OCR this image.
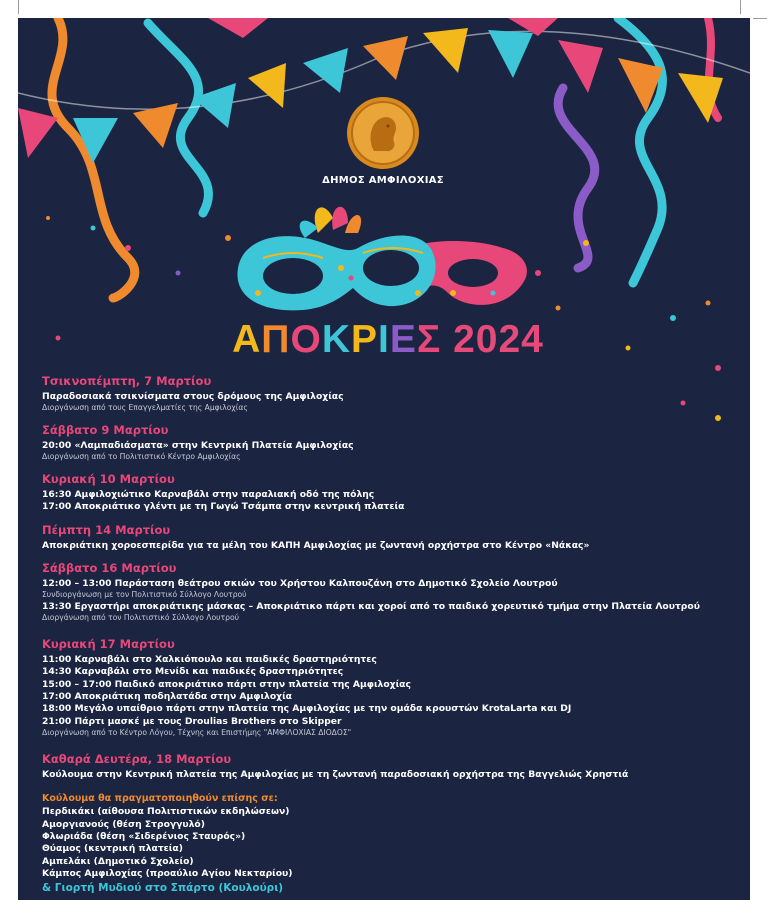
ΔΗΜΟΣ ΑΜΦΙΛΟΧΙΑΣ
ΑΠΟΚΡΙΕΣ 2024
Τσικνοπέμπτη, 7 Μαρτίου
Παραδοσιακά τσικνίσματα στους δρόμους της Αμφιλοχίας
Διοργάνωση από τους Επαγγελματίες της Αμφιλοχίας
Σάββατο 9 Μαρτίου
20:00 «Λαμπαδιάσματα» στην Κεντρική Πλατεία Αμφιλοχίας
Διοργάνωση από το Πολιτιστικό Κέντρο Αμφιλοχίας
Κυριακή 10 Μαρτίου
16:30 Αμφιλοχιώτικο Καρναβάλι στην παραλιακή οδό της πόλης
17:00 Αποκριάτικο γλέντι με τη Γωγώ Τσάμπα στην κεντρική πλατεία
Πέμπτη 14 Μαρτίου
Αποκριάτικη χοροεσπερίδα για τα μέλη του ΚΑΠΗ Αμφιλοχίας με ζωντανή ορχήστρα στο Κέντρο «Νάκας»
Σάββατο 16 Μαρτίου
12:00 – 13:00 Παράσταση θεάτρου σκιών του Χρήστου Καλπουζάνη στο Δημοτικό Σχολείο Λουτρού
Συνδιοργάνωση με τον Πολιτιστικό Σύλλογο Λουτρού
13:30 Εργαστήρι αποκριάτικης μάσκας – Αποκριάτικο πάρτι και χοροί από το παιδικό χορευτικό τμήμα στην Πλατεία Λουτρού
Διοργάνωση από τον Πολιτιστικό Σύλλογο Λουτρού
Κυριακή 17 Μαρτίου
11:00 Καρναβάλι στο Χαλκιόπουλο και παιδικές δραστηριότητες
14:30 Καρναβάλι στο Μενίδι και παιδικές δραστηριότητες
15:00 – 17:00 Παιδικό αποκριάτικο πάρτι στην πλατεία της Αμφιλοχίας
17:00 Αποκριάτικη ποδηλατάδα στην Αμφιλοχία
18:00 Μεγάλο υπαίθριο πάρτι στην πλατεία της Αμφιλοχίας με την ομάδα κρουστών KrotaLarta και DJ
21:00 Πάρτι μασκέ με τους Droulias Brothers στο Skipper
Διοργάνωση από το Κέντρο Λόγου, Τέχνης και Επιστήμης "ΑΜΦΙΛΟΧΙΑΣ ΔΙΟΔΟΣ"
Καθαρά Δευτέρα, 18 Μαρτίου
Κούλουμα στην Κεντρική πλατεία της Αμφιλοχίας με τη ζωντανή παραδοσιακή ορχήστρα της Βαγγελιώς Χρηστιά
Κούλουμα θα πραγματοποιηθούν επίσης σε:
Περδικάκι (αίθουσα Πολιτιστικών εκδηλώσεων)
Αμοργιανούς (θέση Στρογγυλό)
Φλωριάδα (θέση «Σιδερένιος Σταυρός»)
Θύαμος (κεντρική πλατεία)
Αμπελάκι (Δημοτικό Σχολείο)
Κάμπος Αμφιλοχίας (προαύλιο Αγίου Νεκταρίου)
& Γιορτή Μυδιού στο Σπάρτο (Κουλούρι)
